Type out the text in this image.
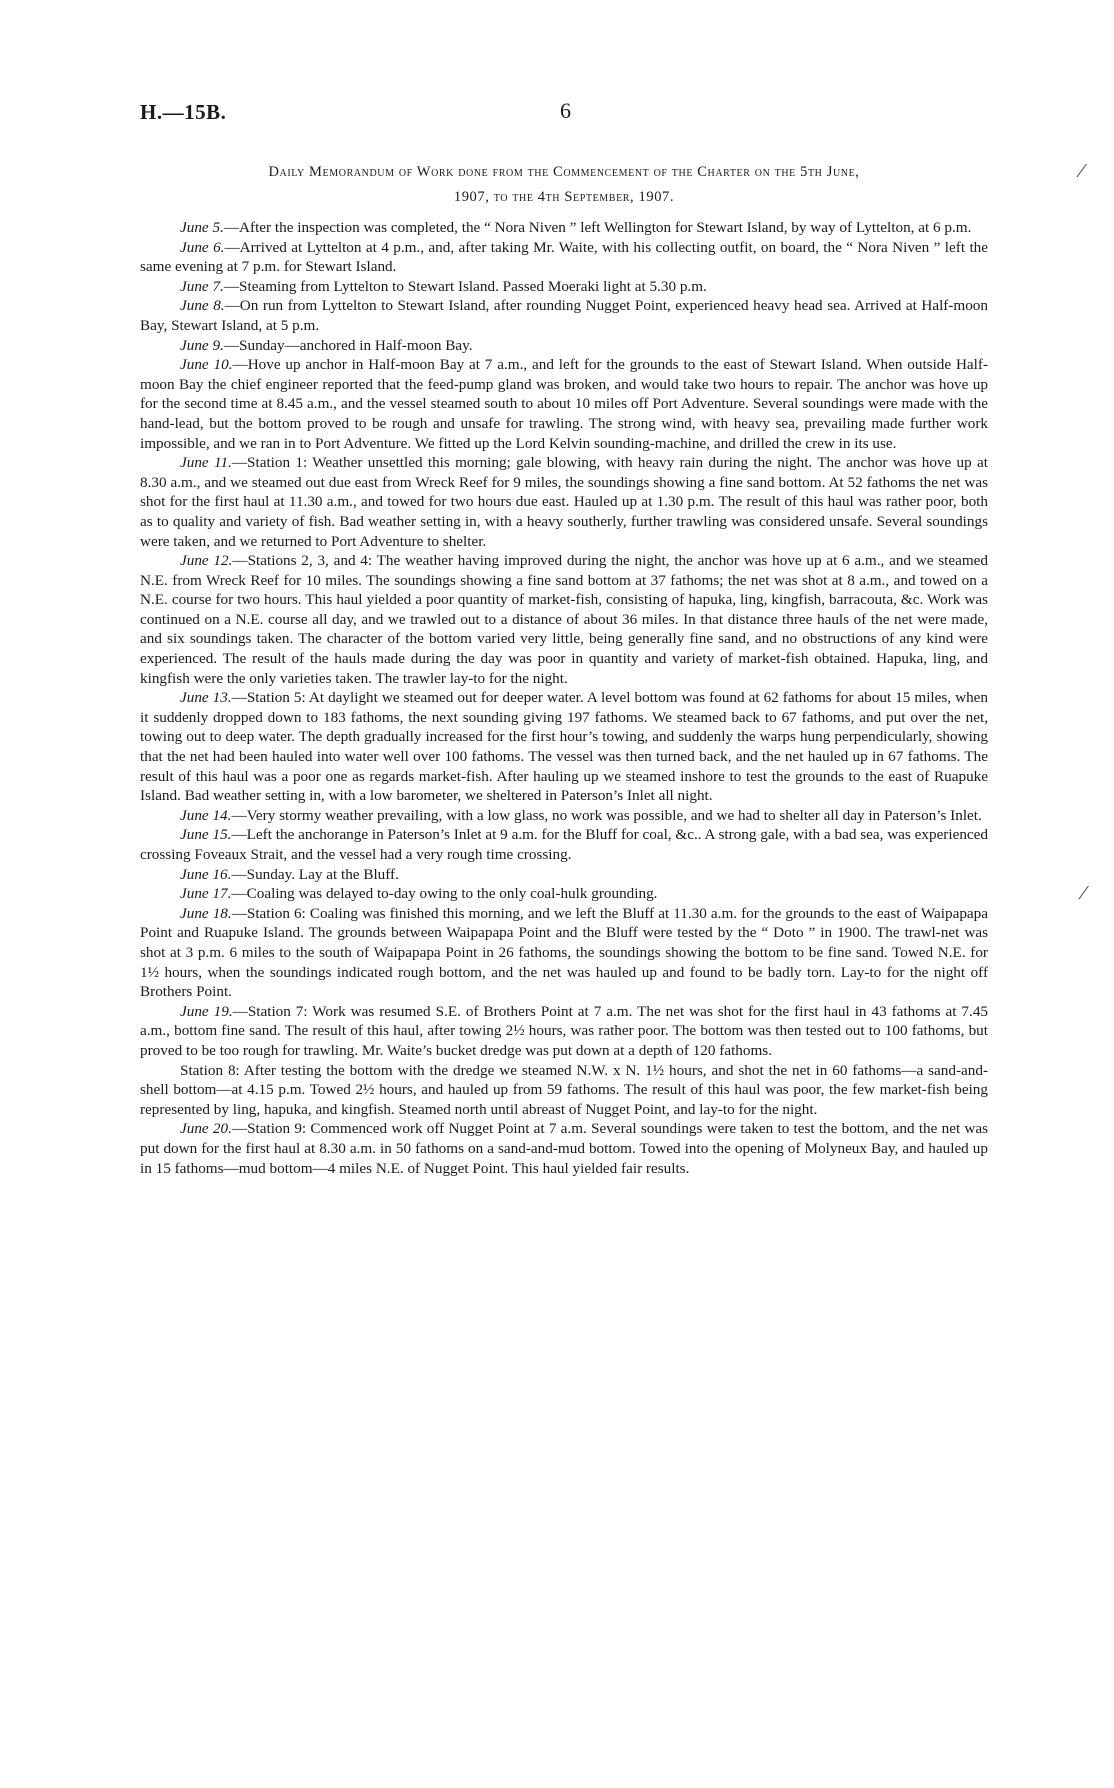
H.—15B.	6
Daily Memorandum of Work done from the Commencement of the Charter on the 5th June,
1907, to the 4th September, 1907.

June 5.—After the inspection was completed, the “ Nora Niven ” left Wellington for Stewart Island, by way of Lyttelton, at 6 p.m.

June 6.—Arrived at Lyttelton at 4 p.m., and, after taking Mr. Waite, with his collecting outfit, on board, the “ Nora Niven ” left the same evening at 7 p.m. for Stewart Island.

June 7.—Steaming from Lyttelton to Stewart Island. Passed Moeraki light at 5.30 p.m.

June 8.—On run from Lyttelton to Stewart Island, after rounding Nugget Point, experienced heavy head sea. Arrived at Half-moon Bay, Stewart Island, at 5 p.m.

June 9.—Sunday—anchored in Half-moon Bay.

June 10.—Hove up anchor in Half-moon Bay at 7 a.m., and left for the grounds to the east of Stewart Island. When outside Half-moon Bay the chief engineer reported that the feed-pump gland was broken, and would take two hours to repair. The anchor was hove up for the second time at 8.45 a.m., and the vessel steamed south to about 10 miles off Port Adventure. Several soundings were made with the hand-lead, but the bottom proved to be rough and unsafe for trawling. The strong wind, with heavy sea, prevailing made further work impossible, and we ran in to Port Adventure. We fitted up the Lord Kelvin sounding-machine, and drilled the crew in its use.

June 11.—Station 1: Weather unsettled this morning; gale blowing, with heavy rain during the night. The anchor was hove up at 8.30 a.m., and we steamed out due east from Wreck Reef for 9 miles, the soundings showing a fine sand bottom. At 52 fathoms the net was shot for the first haul at 11.30 a.m., and towed for two hours due east. Hauled up at 1.30 p.m. The result of this haul was rather poor, both as to quality and variety of fish. Bad weather setting in, with a heavy southerly, further trawling was considered unsafe. Several soundings were taken, and we returned to Port Adventure to shelter.

June 12.—Stations 2, 3, and 4: The weather having improved during the night, the anchor was hove up at 6 a.m., and we steamed N.E. from Wreck Reef for 10 miles. The soundings showing a fine sand bottom at 37 fathoms; the net was shot at 8 a.m., and towed on a N.E. course for two hours. This haul yielded a poor quantity of market-fish, consisting of hapuka, ling, kingfish, barracouta, &c. Work was continued on a N.E. course all day, and we trawled out to a distance of about 36 miles. In that distance three hauls of the net were made, and six soundings taken. The character of the bottom varied very little, being generally fine sand, and no obstructions of any kind were experienced. The result of the hauls made during the day was poor in quantity and variety of market-fish obtained. Hapuka, ling, and kingfish were the only varieties taken. The trawler lay-to for the night.

June 13.—Station 5: At daylight we steamed out for deeper water. A level bottom was found at 62 fathoms for about 15 miles, when it suddenly dropped down to 183 fathoms, the next sounding giving 197 fathoms. We steamed back to 67 fathoms, and put over the net, towing out to deep water. The depth gradually increased for the first hour’s towing, and suddenly the warps hung perpendicularly, showing that the net had been hauled into water well over 100 fathoms. The vessel was then turned back, and the net hauled up in 67 fathoms. The result of this haul was a poor one as regards market-fish. After hauling up we steamed inshore to test the grounds to the east of Ruapuke Island. Bad weather setting in, with a low barometer, we sheltered in Paterson’s Inlet all night.

June 14.—Very stormy weather prevailing, with a low glass, no work was possible, and we had to shelter all day in Paterson’s Inlet.

June 15.—Left the anchorange in Paterson’s Inlet at 9 a.m. for the Bluff for coal, &c.. A strong gale, with a bad sea, was experienced crossing Foveaux Strait, and the vessel had a very rough time crossing.

June 16.—Sunday. Lay at the Bluff.

June 17.—Coaling was delayed to-day owing to the only coal-hulk grounding.

June 18.—Station 6: Coaling was finished this morning, and we left the Bluff at 11.30 a.m. for the grounds to the east of Waipapapa Point and Ruapuke Island. The grounds between Waipapapa Point and the Bluff were tested by the “ Doto ” in 1900. The trawl-net was shot at 3 p.m. 6 miles to the south of Waipapapa Point in 26 fathoms, the soundings showing the bottom to be fine sand. Towed N.E. for 1½ hours, when the soundings indicated rough bottom, and the net was hauled up and found to be badly torn. Lay-to for the night off Brothers Point.

June 19.—Station 7: Work was resumed S.E. of Brothers Point at 7 a.m. The net was shot for the first haul in 43 fathoms at 7.45 a.m., bottom fine sand. The result of this haul, after towing 2½ hours, was rather poor. The bottom was then tested out to 100 fathoms, but proved to be too rough for trawling. Mr. Waite’s bucket dredge was put down at a depth of 120 fathoms.

Station 8: After testing the bottom with the dredge we steamed N.W. x N. 1½ hours, and shot the net in 60 fathoms—a sand-and-shell bottom—at 4.15 p.m. Towed 2½ hours, and hauled up from 59 fathoms. The result of this haul was poor, the few market-fish being represented by ling, hapuka, and kingfish. Steamed north until abreast of Nugget Point, and lay-to for the night.

June 20.—Station 9: Commenced work off Nugget Point at 7 a.m. Several soundings were taken to test the bottom, and the net was put down for the first haul at 8.30 a.m. in 50 fathoms on a sand-and-mud bottom. Towed into the opening of Molyneux Bay, and hauled up in 15 fathoms—mud bottom—4 miles N.E. of Nugget Point. This haul yielded fair results.

⁄
⁄
